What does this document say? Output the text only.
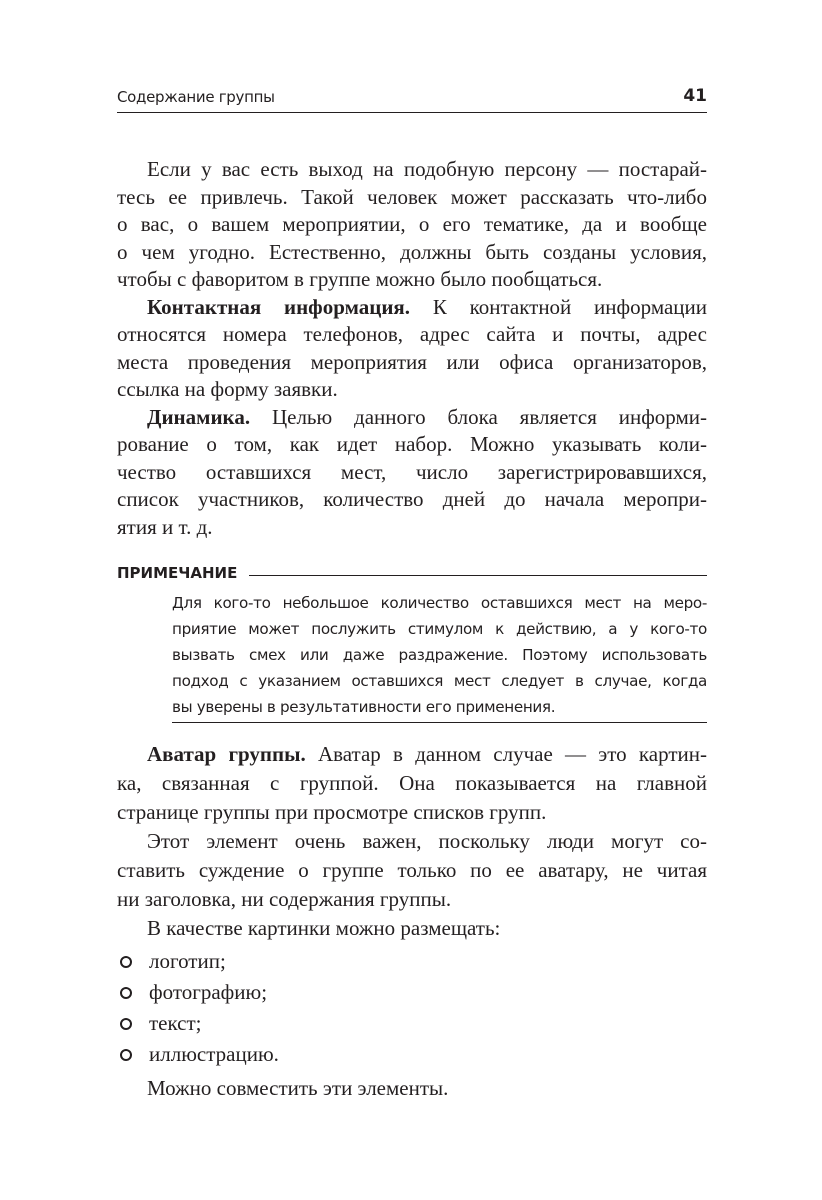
Содержание группы	41
Если у вас есть выход на подобную персону — постарай-
тесь ее привлечь. Такой человек может рассказать что-либо
о вас, о вашем мероприятии, о его тематике, да и вообще
о чем угодно. Естественно, должны быть созданы условия,
чтобы с фаворитом в группе можно было пообщаться.
Контактная информация. К контактной информации
относятся номера телефонов, адрес сайта и почты, адрес
места проведения мероприятия или офиса организаторов,
ссылка на форму заявки.
Динамика. Целью данного блока является информи-
рование о том, как идет набор. Можно указывать коли-
чество оставшихся мест, число зарегистрировавшихся,
список участников, количество дней до начала меропри-
ятия и т. д.
ПРИМЕЧАНИЕ
Для кого-то небольшое количество оставшихся мест на меро-
приятие может послужить стимулом к действию, а у кого-то
вызвать смех или даже раздражение. Поэтому использовать
подход с указанием оставшихся мест следует в случае, когда
вы уверены в результативности его применения.
Аватар группы. Аватар в данном случае — это картин-
ка, связанная с группой. Она показывается на главной
странице группы при просмотре списков групп.
Этот элемент очень важен, поскольку люди могут со-
ставить суждение о группе только по ее аватару, не читая
ни заголовка, ни содержания группы.
В качестве картинки можно размещать:
логотип;
фотографию;
текст;
иллюстрацию.
Можно совместить эти элементы.
